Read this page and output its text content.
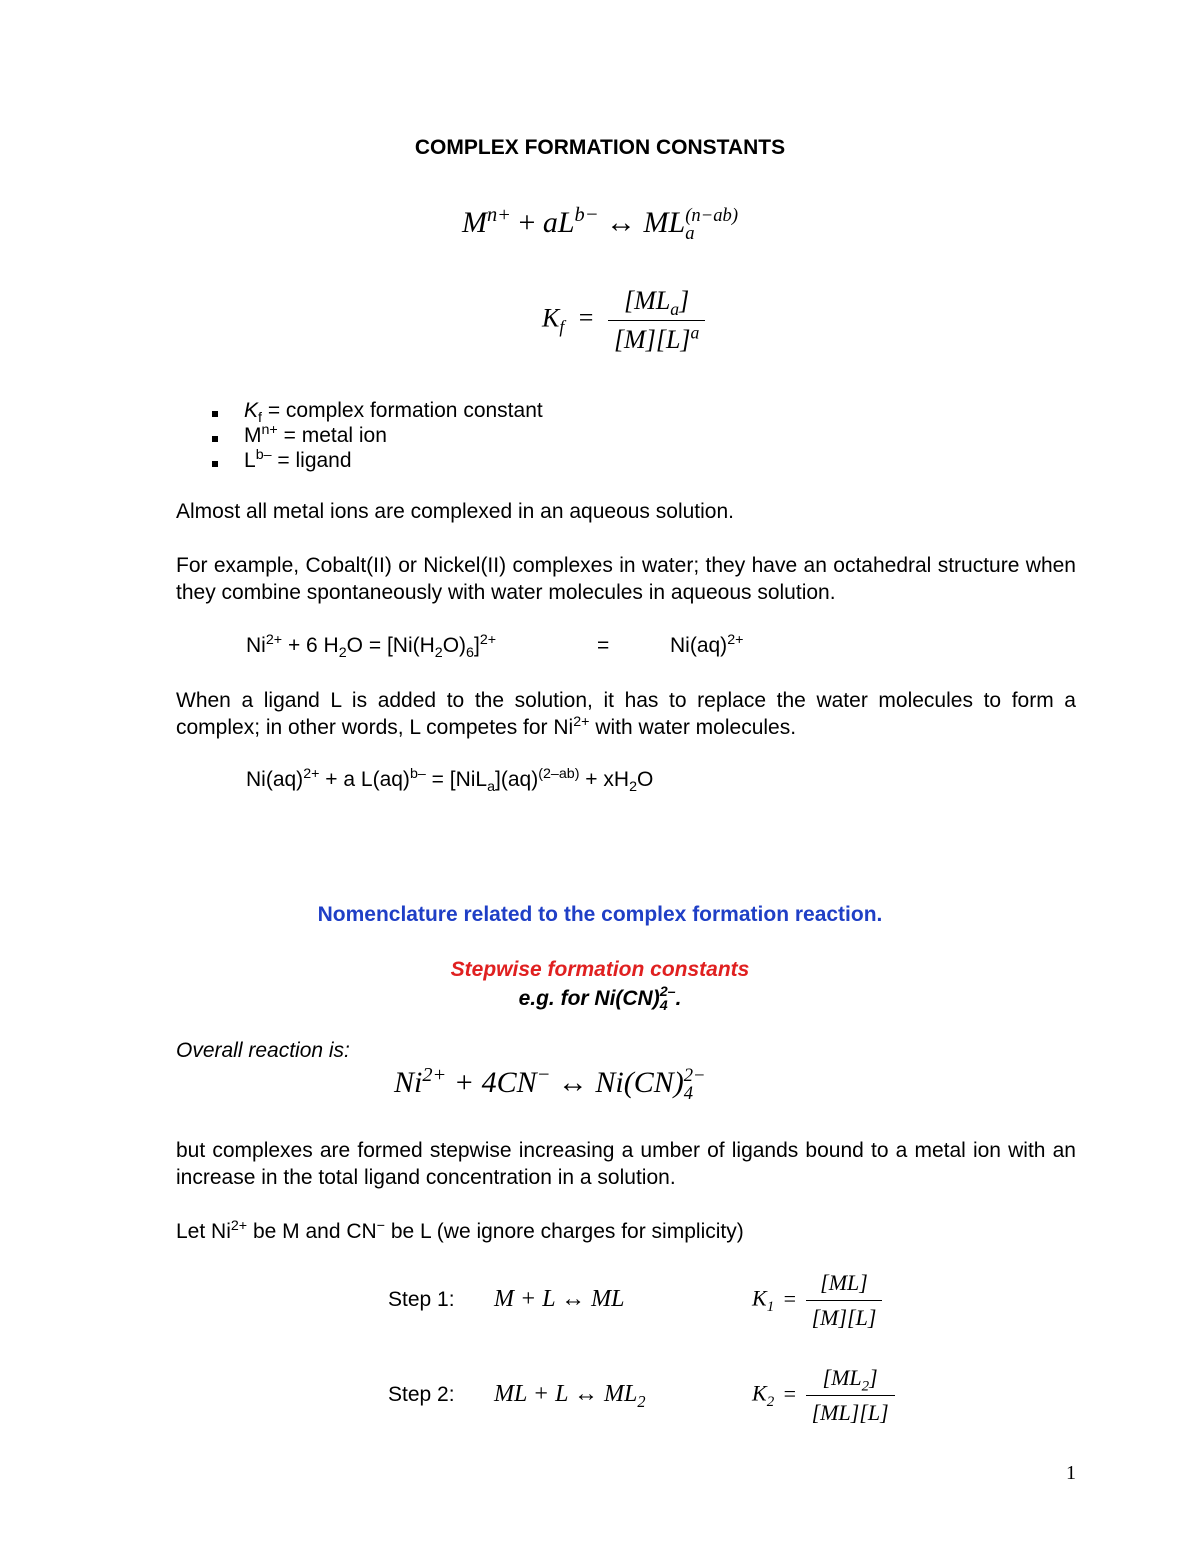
COMPLEX FORMATION CONSTANTS
$M^{n+} + aL^{b-}$ ↔ ML (n−ab)
a
$K_f = \frac{[ML_a]}{[M][L]^a}$
$K_f$ = complex formation constant
$M^{n+}$ = metal ion
$L^{b-}$ = ligand
Almost all metal ions are complexed in an aqueous solution.
For example, Cobalt(II) or Nickel(II) complexes in water; they have an octahedral structure when they combine spontaneously with water molecules in aqueous solution.
$Ni^{2+} + 6$ $H_2O = [Ni(H_2O)_6]^{2+}$	=	Ni(aq)$^{2+}$
When a ligand L is added to the solution, it has to replace the water molecules to form a complex; in other words, L competes for $Ni^{2+}$ with water molecules.
Ni(aq)$^{2+}$ + a $L(aq)^{b-} = [NiL_a](aq)^{(2-ab)} + xH_2O$
Nomenclature related to the complex formation reaction.
Stepwise formation constants
e.g. for Ni(CN) 2–
4 .
Overall reaction is:
$Ni^{2+} + 4CN^-$ ↔ Ni(CN) 2−
4
but complexes are formed stepwise increasing a umber of ligands bound to a metal ion with an increase in the total ligand concentration in a solution.
Let $Ni^{2+}$ be M and CN− be L (we ignore charges for simplicity)
Step 1: M + L ↔ ML	$K_1 = \frac{[ML]}{[M][L]}$
Step 2: ML + L ↔ $ML_2$	$K_2 = \frac{[ML_2]}{[ML][L]}$
1
